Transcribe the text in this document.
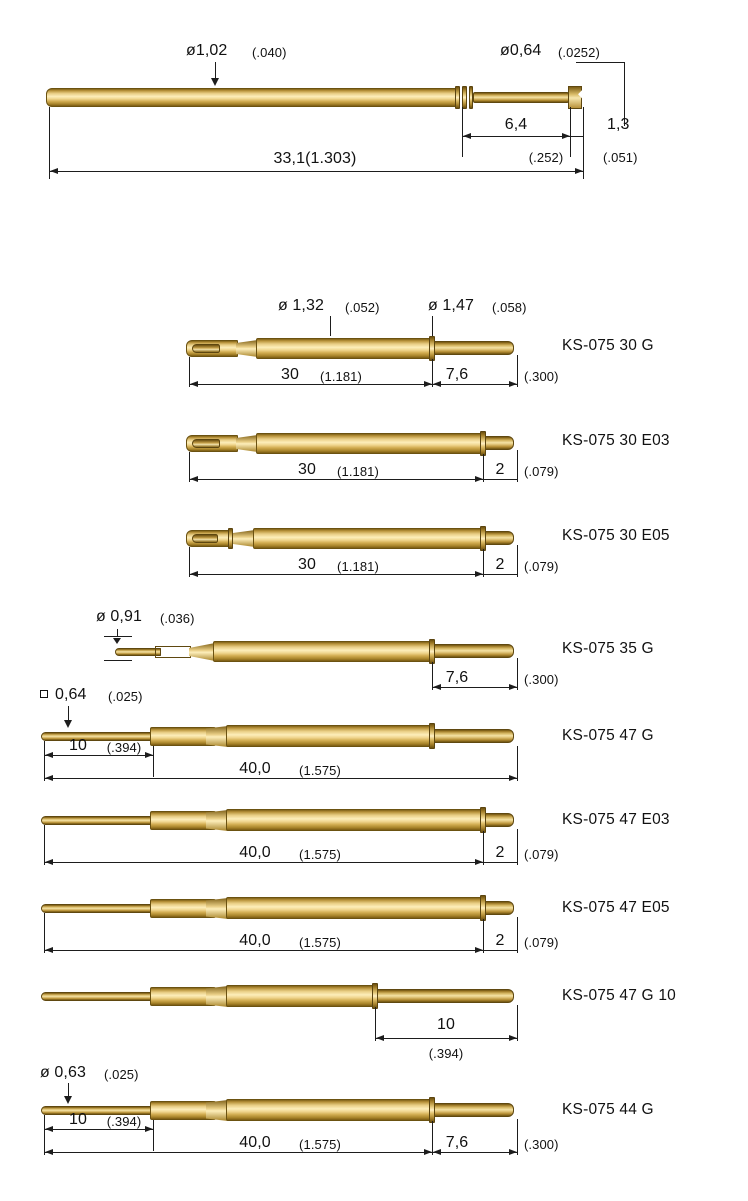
ø1,02 (.040)	ø0,64 (.0252)
6,4
(.252)
1,3
(.051)
33,1(1.303)
ø 1,32 (.052)	ø 1,47 (.058)
30 (1.181)	7,6	(.300)
KS-075 30 G
30 (1.181)	2 (.079)
KS-075 30 E03
30 (1.181)	2 (.079)
KS-075 30 E05
ø 0,91 (.036)
7,6	(.300)
KS-075 35 G
0,64 (.025)
10 (.394)
40,0 (1.575)
KS-075 47 G
40,0 (1.575)	2 (.079)
KS-075 47 E03
40,0 (1.575)	2 (.079)
KS-075 47 E05
10
(.394)
KS-075 47 G 10
ø 0,63 (.025)
10 (.394)
40,0 (1.575)	7,6	(.300)
KS-075 44 G
